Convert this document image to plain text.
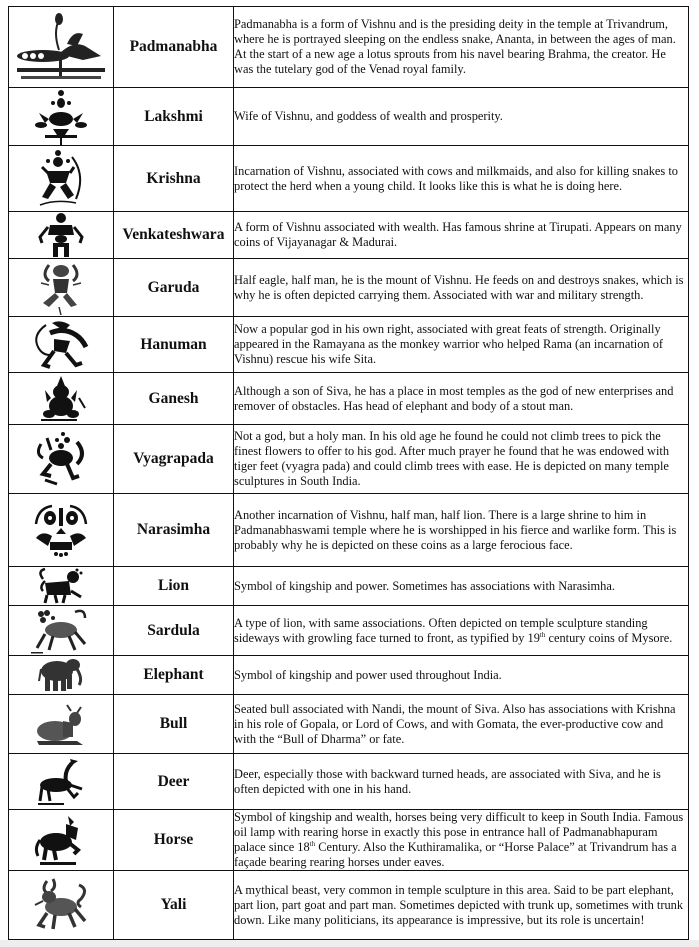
	Padmanabha	Padmanabha is a form of Vishnu and is the presiding deity in the temple at Trivandrum, where he is portrayed sleeping on the endless snake, Ananta, in between the ages of man. At the start of a new age a lotus sprouts from his navel bearing Brahma, the creator. He was the tutelary god of the Venad royal family.

	Lakshmi	Wife of Vishnu, and goddess of wealth and prosperity.

	Krishna	Incarnation of Vishnu, associated with cows and milkmaids, and also for killing snakes to protect the herd when a young child. It looks like this is what he is doing here.

	Venkateshwara	A form of Vishnu associated with wealth. Has famous shrine at Tirupati. Appears on many coins of Vijayanagar & Madurai.

	Garuda	Half eagle, half man, he is the mount of Vishnu. He feeds on and destroys snakes, which is why he is often depicted carrying them. Associated with war and military strength.

	Hanuman	Now a popular god in his own right, associated with great feats of strength. Originally appeared in the Ramayana as the monkey warrior who helped Rama (an incarnation of Vishnu) rescue his wife Sita.

	Ganesh	Although a son of Siva, he has a place in most temples as the god of new enterprises and remover of obstacles. Has head of elephant and body of a stout man.

	Vyagrapada	Not a god, but a holy man. In his old age he found he could not climb trees to pick the finest flowers to offer to his god. After much prayer he found that he was endowed with tiger feet (vyagra pada) and could climb trees with ease. He is depicted on many temple sculptures in South India.

	Narasimha	Another incarnation of Vishnu, half man, half lion. There is a large shrine to him in Padmanabhaswami temple where he is worshipped in his fierce and warlike form. This is probably why he is depicted on these coins as a large ferocious face.

	Lion	Symbol of kingship and power. Sometimes has associations with Narasimha.

	Sardula	A type of lion, with same associations. Often depicted on temple sculpture standing sideways with growling face turned to front, as typified by 19th century coins of Mysore.

	Elephant	Symbol of kingship and power used throughout India.

	Bull	Seated bull associated with Nandi, the mount of Siva. Also has associations with Krishna in his role of Gopala, or Lord of Cows, and with Gomata, the ever-productive cow and with the “Bull of Dharma” or fate.

	Deer	Deer, especially those with backward turned heads, are associated with Siva, and he is often depicted with one in his hand.

	Horse	Symbol of kingship and wealth, horses being very difficult to keep in South India. Famous oil lamp with rearing horse in exactly this pose in entrance hall of Padmanabhapuram palace since 18th Century. Also the Kuthiramalika, or “Horse Palace” at Trivandrum has a façade bearing rearing horses under eaves.

	Yali	A mythical beast, very common in temple sculpture in this area. Said to be part elephant, part lion, part goat and part man. Sometimes depicted with trunk up, sometimes with trunk down. Like many politicians, its appearance is impressive, but its role is uncertain!
